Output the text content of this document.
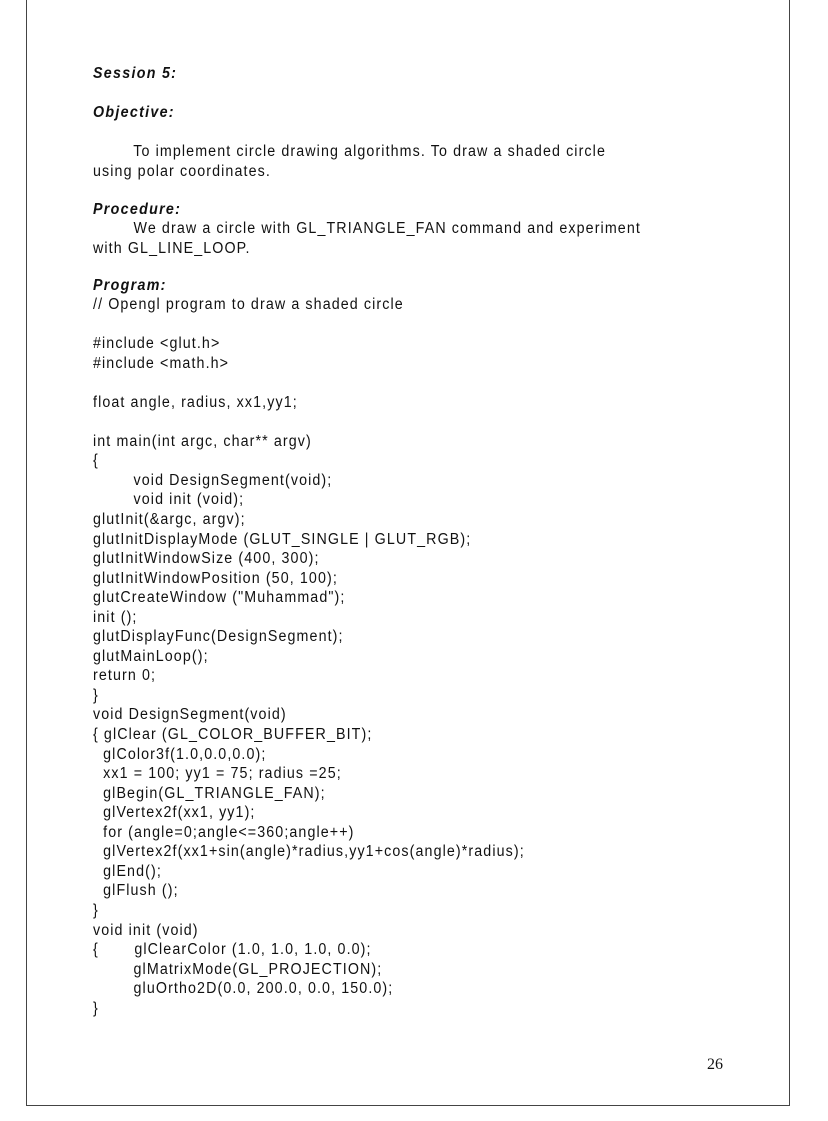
Session 5:
Objective:
To implement circle drawing algorithms. To draw a shaded circle
using polar coordinates.
Procedure:
We draw a circle with GL_TRIANGLE_FAN command and experiment
with GL_LINE_LOOP.
Program:
// Opengl program to draw a shaded circle
#include <glut.h>
#include <math.h>
float angle, radius, xx1,yy1;
int main(int argc, char** argv)
{
void DesignSegment(void);
void init (void);
glutInit(&argc, argv);
glutInitDisplayMode (GLUT_SINGLE | GLUT_RGB);
glutInitWindowSize (400, 300);
glutInitWindowPosition (50, 100);
glutCreateWindow ("Muhammad");
init ();
glutDisplayFunc(DesignSegment);
glutMainLoop();
return 0;
}
void DesignSegment(void)
{ glClear (GL_COLOR_BUFFER_BIT);
glColor3f(1.0,0.0,0.0);
xx1 = 100; yy1 = 75; radius =25;
glBegin(GL_TRIANGLE_FAN);
glVertex2f(xx1, yy1);
for (angle=0;angle<=360;angle++)
glVertex2f(xx1+sin(angle)*radius,yy1+cos(angle)*radius);
glEnd();
glFlush ();
}
void init (void)
{       glClearColor (1.0, 1.0, 1.0, 0.0);
glMatrixMode(GL_PROJECTION);
gluOrtho2D(0.0, 200.0, 0.0, 150.0);
}
26
